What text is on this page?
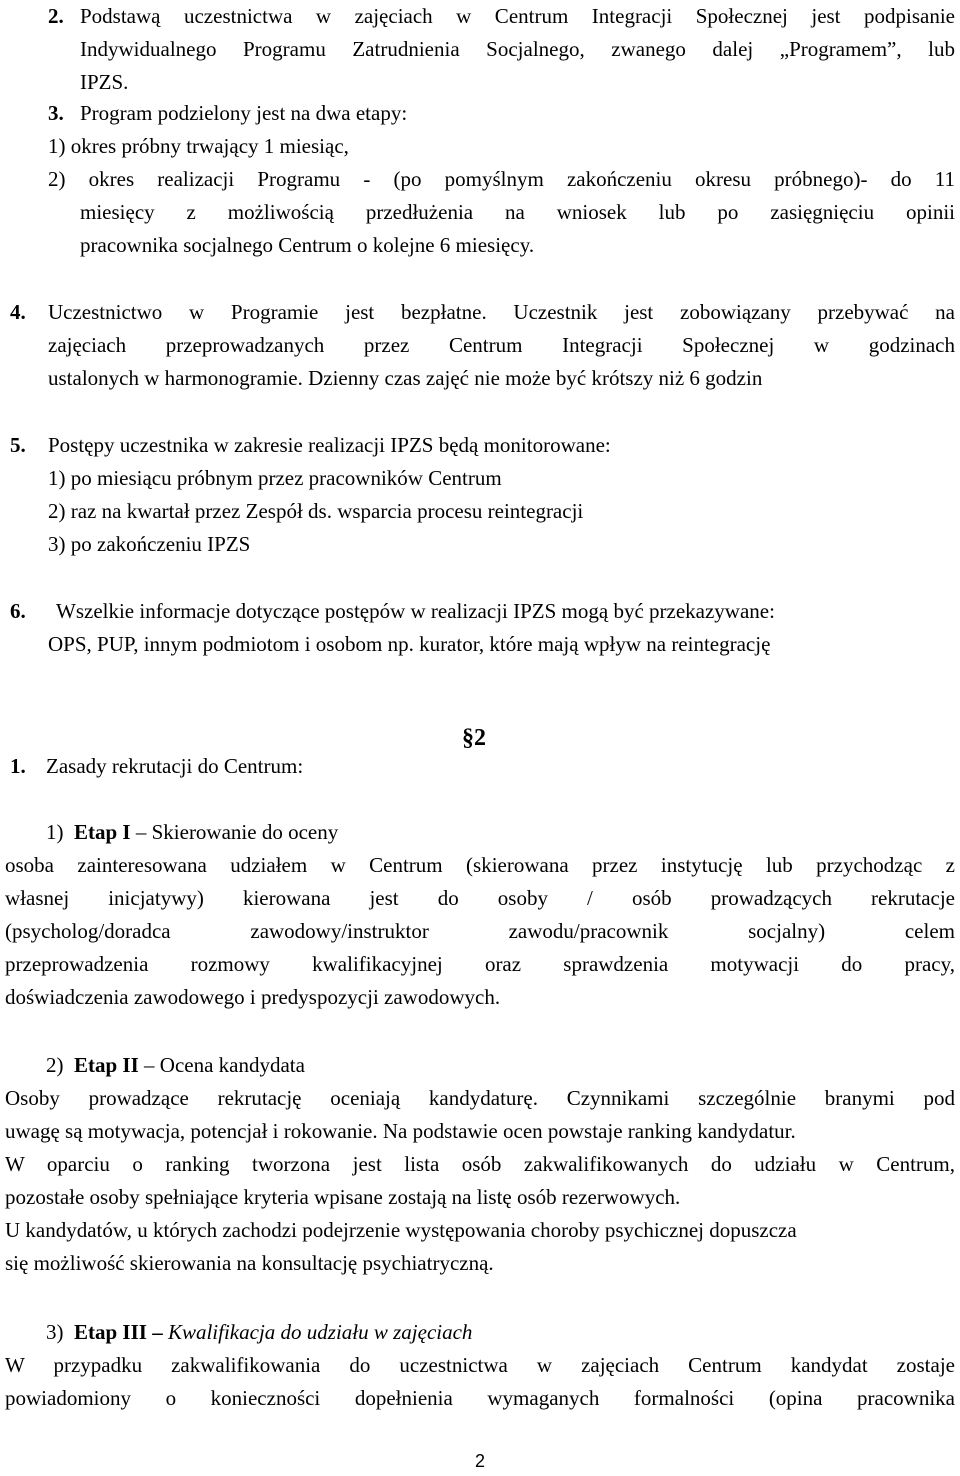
2. Podstawą uczestnictwa w zajęciach w Centrum Integracji Społecznej jest podpisanie
Indywidualnego Programu Zatrudnienia Socjalnego, zwanego dalej „Programem”, lub
IPZS.
3. Program podzielony jest na dwa etapy:
1) okres próbny trwający 1 miesiąc,
2) okres realizacji Programu - (po pomyślnym zakończeniu okresu próbnego)- do 11
miesięcy z możliwością przedłużenia na wniosek lub po zasięgnięciu opinii
pracownika socjalnego Centrum o kolejne 6 miesięcy.
4. Uczestnictwo w Programie jest bezpłatne. Uczestnik jest zobowiązany przebywać na
zajęciach przeprowadzanych przez Centrum Integracji Społecznej w godzinach
ustalonych w harmonogramie. Dzienny czas zajęć nie może być krótszy niż 6 godzin
5. Postępy uczestnika w zakresie realizacji IPZS będą monitorowane:
1) po miesiącu próbnym przez pracowników Centrum
2) raz na kwartał przez Zespół ds. wsparcia procesu reintegracji
3) po zakończeniu IPZS
6.	Wszelkie informacje dotyczące postępów w realizacji IPZS mogą być przekazywane:
OPS, PUP, innym podmiotom i osobom np. kurator, które mają wpływ na reintegrację
§2
1. Zasady rekrutacji do Centrum:
1) Etap I – Skierowanie do oceny
osoba zainteresowana udziałem w Centrum (skierowana przez instytucję lub przychodząc z
własnej inicjatywy) kierowana jest do osoby / osób prowadzących rekrutacje
(psycholog/doradca zawodowy/instruktor zawodu/pracownik socjalny) celem
przeprowadzenia rozmowy kwalifikacyjnej oraz sprawdzenia motywacji do pracy,
doświadczenia zawodowego i predyspozycji zawodowych.
2) Etap II – Ocena kandydata
Osoby prowadzące rekrutację oceniają kandydaturę. Czynnikami szczególnie branymi pod
uwagę są motywacja, potencjał i rokowanie. Na podstawie ocen powstaje ranking kandydatur.
W oparciu o ranking tworzona jest lista osób zakwalifikowanych do udziału w Centrum,
pozostałe osoby spełniające kryteria wpisane zostają na listę osób rezerwowych.
U kandydatów, u których zachodzi podejrzenie występowania choroby psychicznej dopuszcza
się możliwość skierowania na konsultację psychiatryczną.
3) Etap III – Kwalifikacja do udziału w zajęciach
W przypadku zakwalifikowania do uczestnictwa w zajęciach Centrum kandydat zostaje
powiadomiony o konieczności dopełnienia wymaganych formalności (opina pracownika
2
